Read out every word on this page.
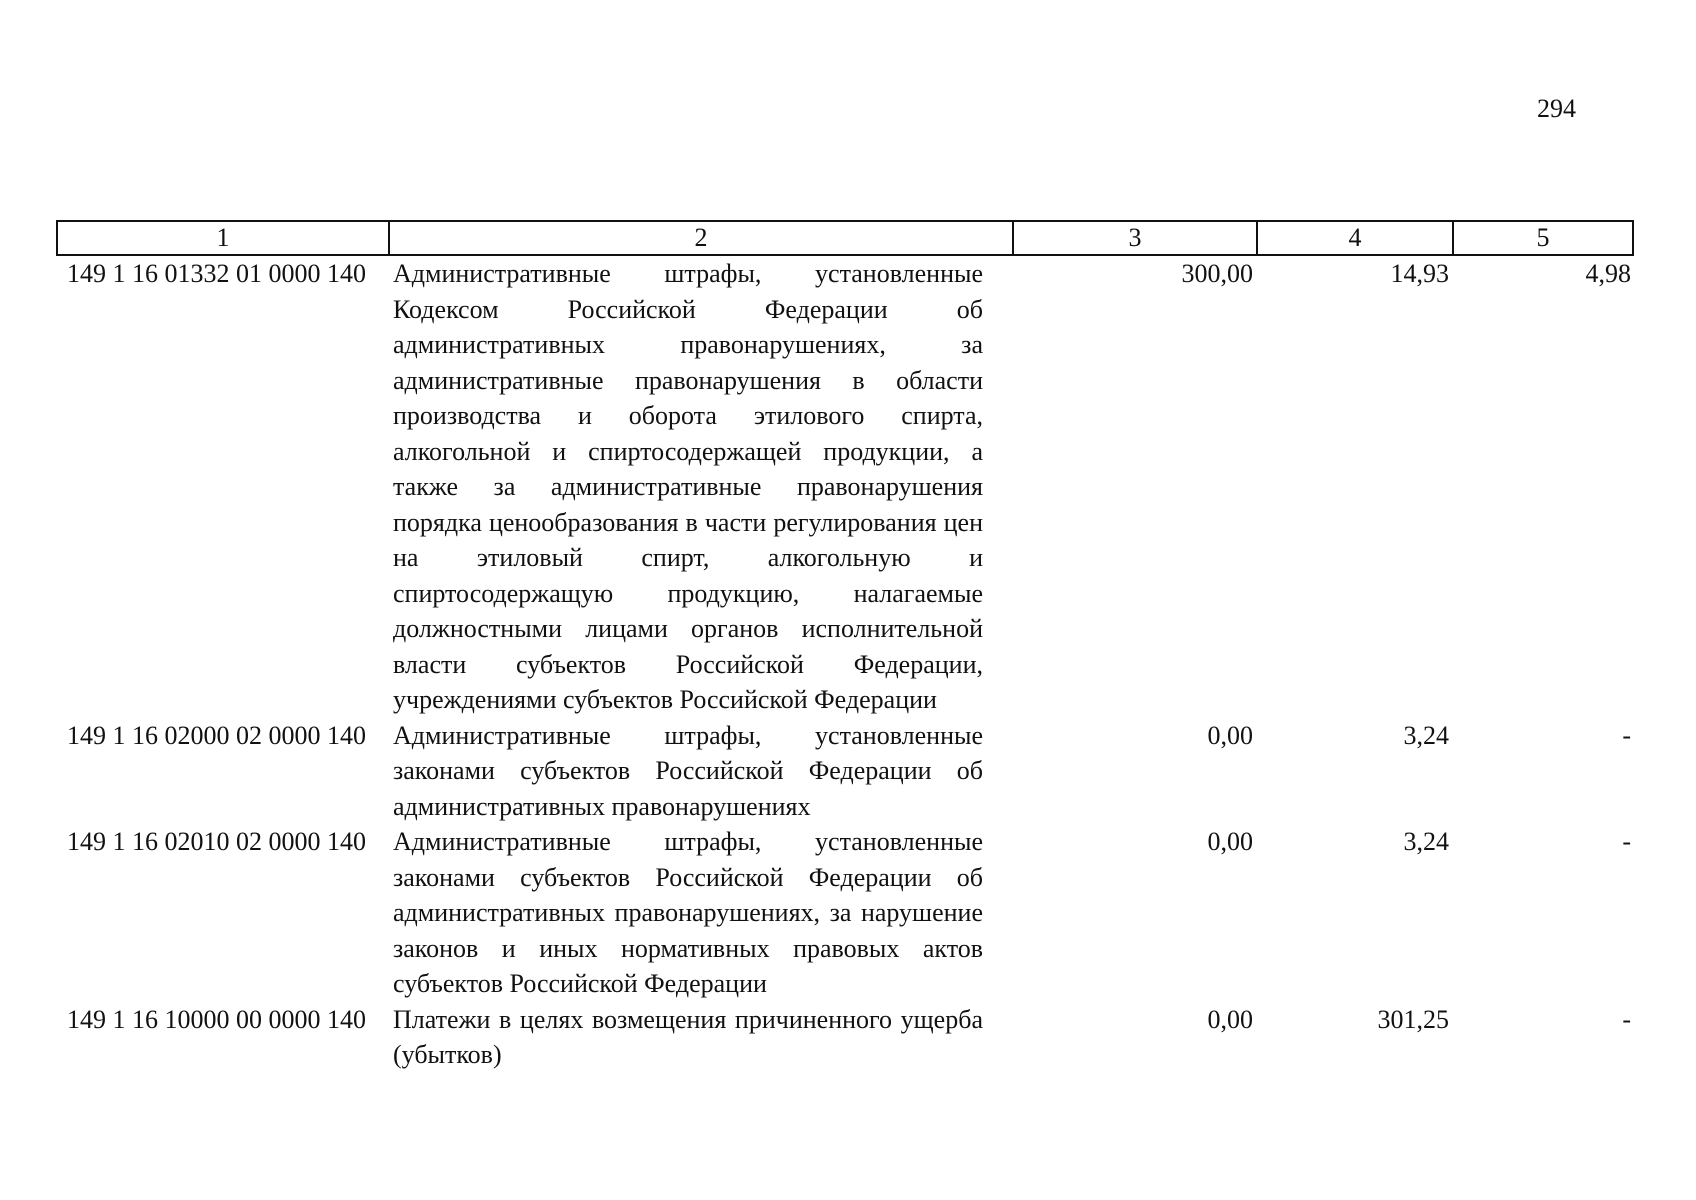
294
1	2	3	4	5
149 1 16 01332 01 0000 140	Административные штрафы, установленные Кодексом Российской Федерации об административных правонарушениях, за административные правонарушения в области производства и оборота этилового спирта, алкогольной и спиртосодержащей продукции, а также за административные правонарушения порядка ценообразования в части регулирования цен на этиловый спирт, алкогольную и спиртосодержащую продукцию, налагаемые должностными лицами органов исполнительной власти субъектов Российской Федерации, учреждениями субъектов Российской Федерации	300,00	14,93	4,98
149 1 16 02000 02 0000 140	Административные штрафы, установленные законами субъектов Российской Федерации об административных правонарушениях	0,00	3,24	-
149 1 16 02010 02 0000 140	Административные штрафы, установленные законами субъектов Российской Федерации об административных правонарушениях, за нарушение законов и иных нормативных правовых актов субъектов Российской Федерации	0,00	3,24	-
149 1 16 10000 00 0000 140	Платежи в целях возмещения причиненного ущерба (убытков)	0,00	301,25	-
